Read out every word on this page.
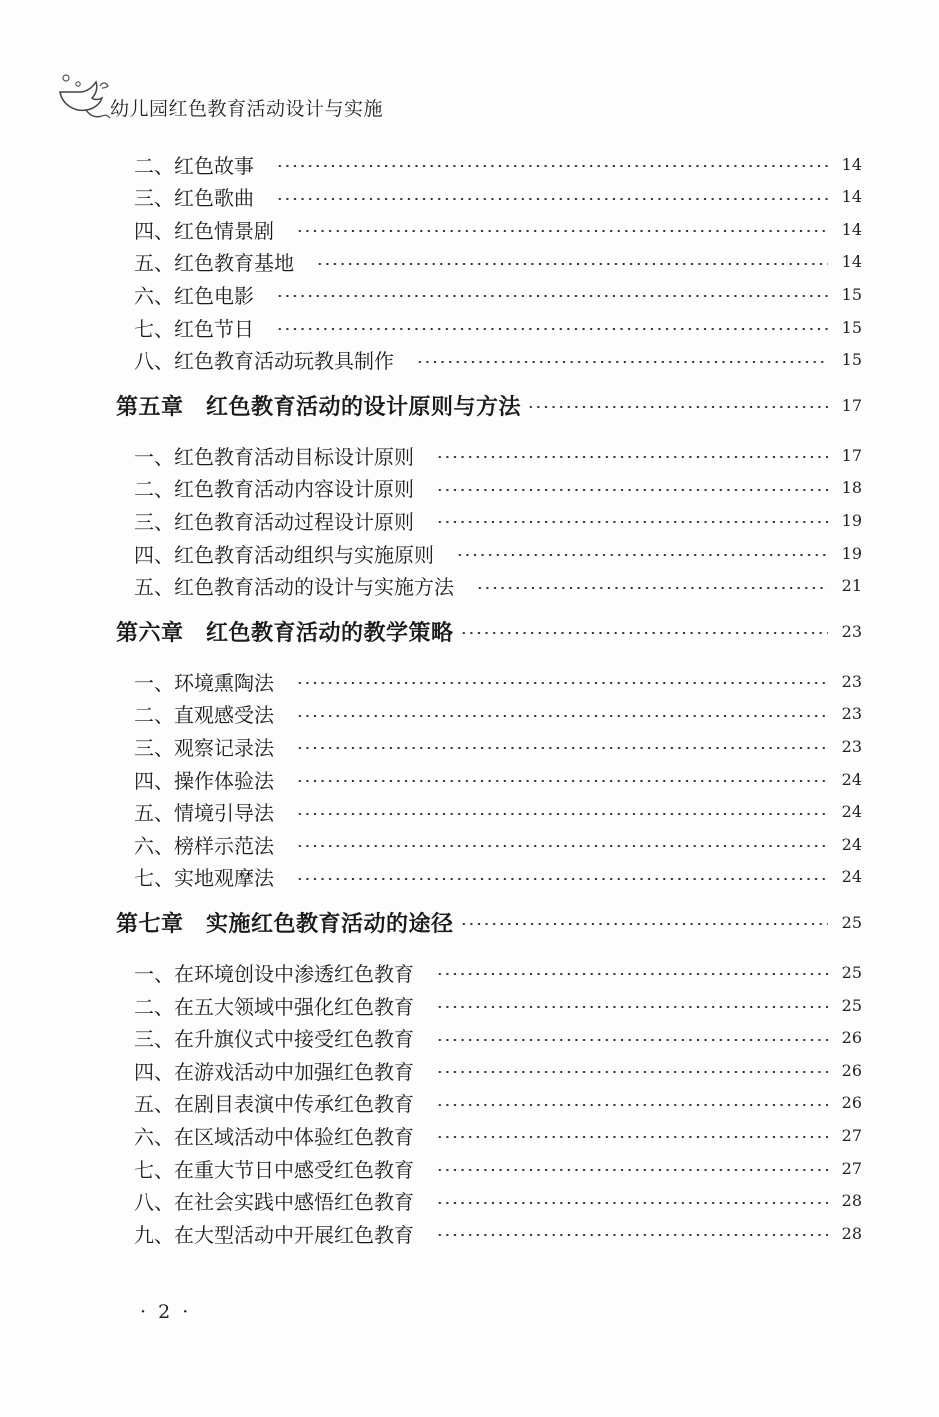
幼儿园红色教育活动设计与实施
二、红色故事	14
三、红色歌曲	14
四、红色情景剧	14
五、红色教育基地	14
六、红色电影	15
七、红色节日	15
八、红色教育活动玩教具制作	15
第五章　红色教育活动的设计原则与方法	17
一、红色教育活动目标设计原则	17
二、红色教育活动内容设计原则	18
三、红色教育活动过程设计原则	19
四、红色教育活动组织与实施原则	19
五、红色教育活动的设计与实施方法	21
第六章　红色教育活动的教学策略	23
一、环境熏陶法	23
二、直观感受法	23
三、观察记录法	23
四、操作体验法	24
五、情境引导法	24
六、榜样示范法	24
七、实地观摩法	24
第七章　实施红色教育活动的途径	25
一、在环境创设中渗透红色教育	25
二、在五大领域中强化红色教育	25
三、在升旗仪式中接受红色教育	26
四、在游戏活动中加强红色教育	26
五、在剧目表演中传承红色教育	26
六、在区域活动中体验红色教育	27
七、在重大节日中感受红色教育	27
八、在社会实践中感悟红色教育	28
九、在大型活动中开展红色教育	28
· 2 ·
